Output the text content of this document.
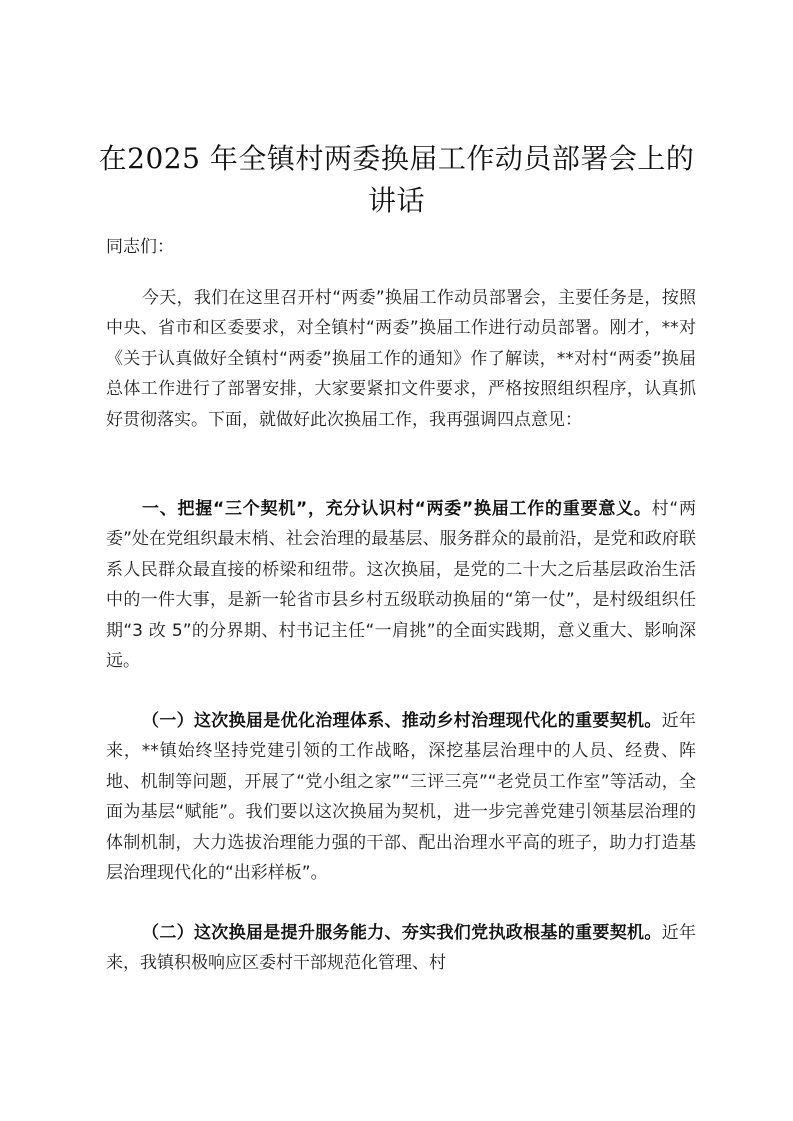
在2025 年全镇村两委换届工作动员部署会上的讲话
同志们：

今天，我们在这里召开村“两委”换届工作动员部署会，主要任务是，按照中央、省市和区委要求，对全镇村“两委”换届工作进行动员部署。刚才，**对《关于认真做好全镇村“两委”换届工作的通知》作了解读，**对村“两委”换届总体工作进行了部署安排，大家要紧扣文件要求，严格按照组织程序，认真抓好贯彻落实。下面，就做好此次换届工作，我再强调四点意见：

一、把握“三个契机”，充分认识村“两委”换届工作的重要意义。村“两委”处在党组织最末梢、社会治理的最基层、服务群众的最前沿，是党和政府联系人民群众最直接的桥梁和纽带。这次换届，是党的二十大之后基层政治生活中的一件大事，是新一轮省市县乡村五级联动换届的“第一仗”，是村级组织任期“3 改 5”的分界期、村书记主任“一肩挑”的全面实践期，意义重大、影响深远。

（一）这次换届是优化治理体系、推动乡村治理现代化的重要契机。近年来，**镇始终坚持党建引领的工作战略，深挖基层治理中的人员、经费、阵地、机制等问题，开展了“党小组之家”“三评三亮”“老党员工作室”等活动，全面为基层“赋能”。我们要以这次换届为契机，进一步完善党建引领基层治理的体制机制，大力选拔治理能力强的干部、配出治理水平高的班子，助力打造基层治理现代化的“出彩样板”。

（二）这次换届是提升服务能力、夯实我们党执政根基的重要契机。近年来，我镇积极响应区委村干部规范化管理、村
